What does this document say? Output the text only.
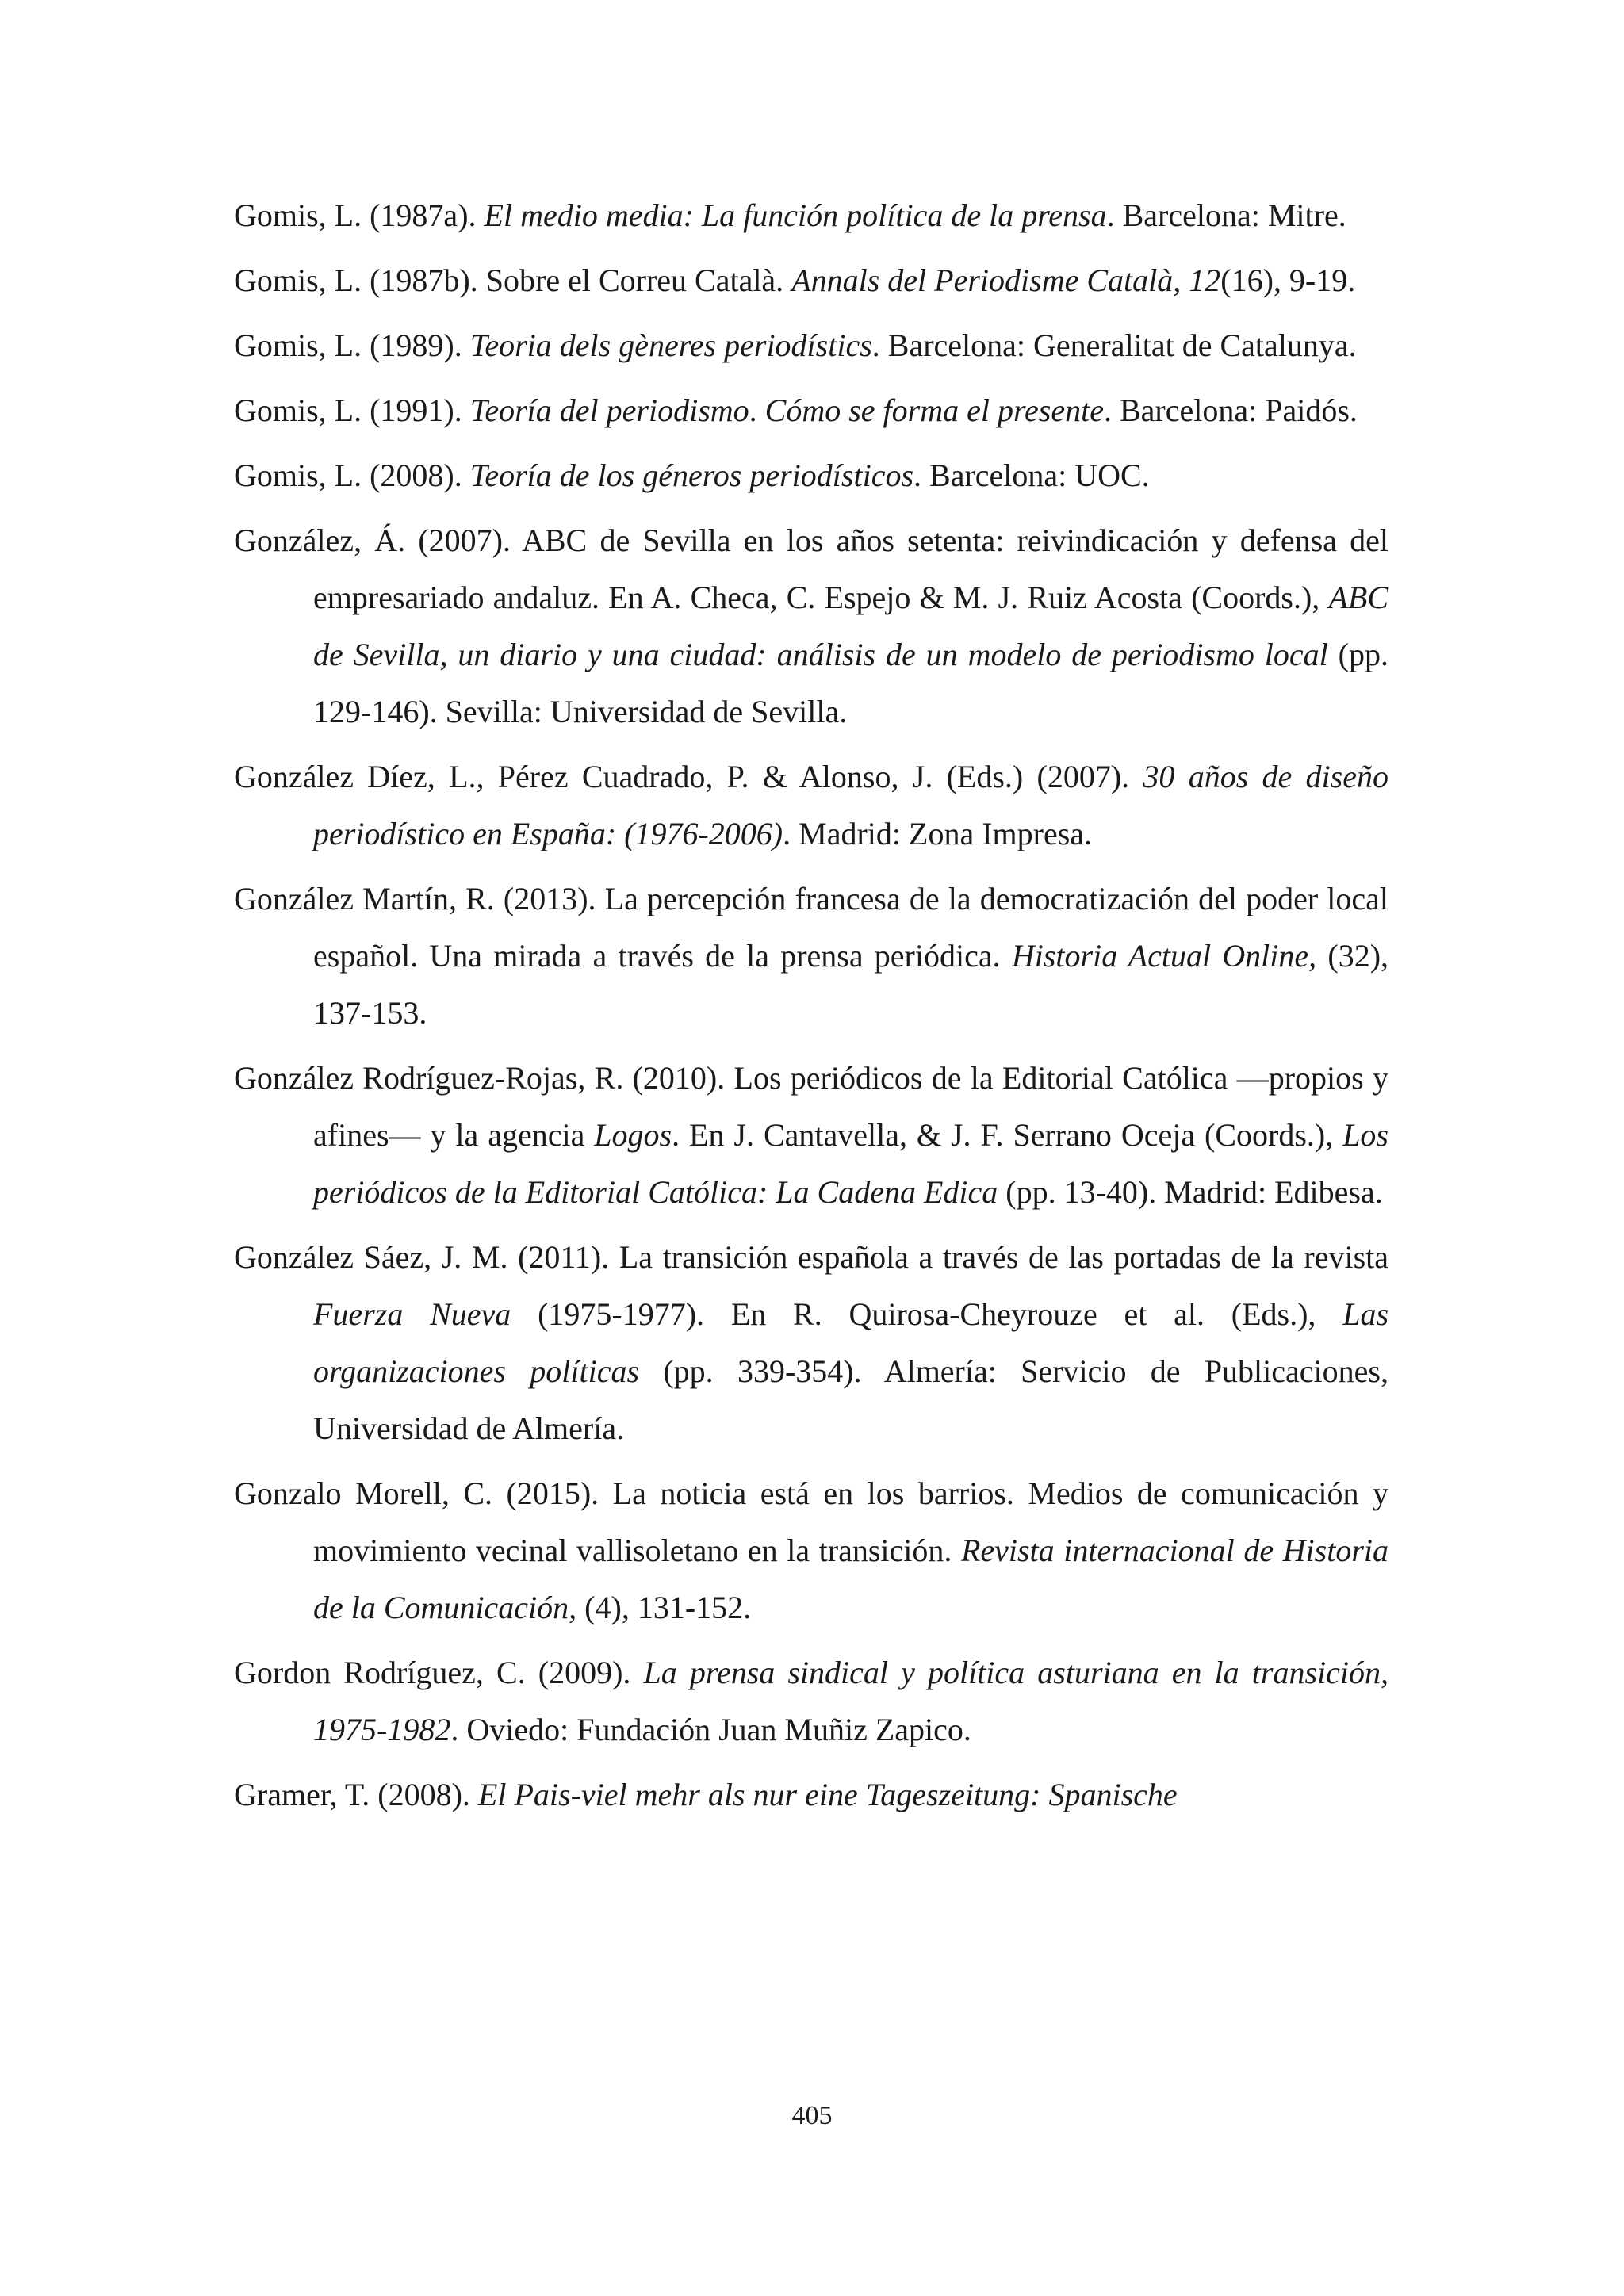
Gomis, L. (1987a). El medio media: La función política de la prensa. Barcelona: Mitre.

Gomis, L. (1987b). Sobre el Correu Català. Annals del Periodisme Català, 12(16), 9-19.

Gomis, L. (1989). Teoria dels gèneres periodístics. Barcelona: Generalitat de Catalunya.

Gomis, L. (1991). Teoría del periodismo. Cómo se forma el presente. Barcelona: Paidós.

Gomis, L. (2008). Teoría de los géneros periodísticos. Barcelona: UOC.

González, Á. (2007). ABC de Sevilla en los años setenta: reivindicación y defensa del empresariado andaluz. En A. Checa, C. Espejo & M. J. Ruiz Acosta (Coords.), ABC de Sevilla, un diario y una ciudad: análisis de un modelo de periodismo local (pp. 129-146). Sevilla: Universidad de Sevilla.

González Díez, L., Pérez Cuadrado, P. & Alonso, J. (Eds.) (2007). 30 años de diseño periodístico en España: (1976-2006). Madrid: Zona Impresa.

González Martín, R. (2013). La percepción francesa de la democratización del poder local español. Una mirada a través de la prensa periódica. Historia Actual Online, (32), 137-153.

González Rodríguez-Rojas, R. (2010). Los periódicos de la Editorial Católica —propios y afines— y la agencia Logos. En J. Cantavella, & J. F. Serrano Oceja (Coords.), Los periódicos de la Editorial Católica: La Cadena Edica (pp. 13-40). Madrid: Edibesa.

González Sáez, J. M. (2011). La transición española a través de las portadas de la revista Fuerza Nueva (1975-1977). En R. Quirosa-Cheyrouze et al. (Eds.), Las organizaciones políticas (pp. 339-354). Almería: Servicio de Publicaciones, Universidad de Almería.

Gonzalo Morell, C. (2015). La noticia está en los barrios. Medios de comunicación y movimiento vecinal vallisoletano en la transición. Revista internacional de Historia de la Comunicación, (4), 131-152.

Gordon Rodríguez, C. (2009). La prensa sindical y política asturiana en la transición, 1975-1982. Oviedo: Fundación Juan Muñiz Zapico.

Gramer, T. (2008). El Pais-viel mehr als nur eine Tageszeitung: Spanische

405
